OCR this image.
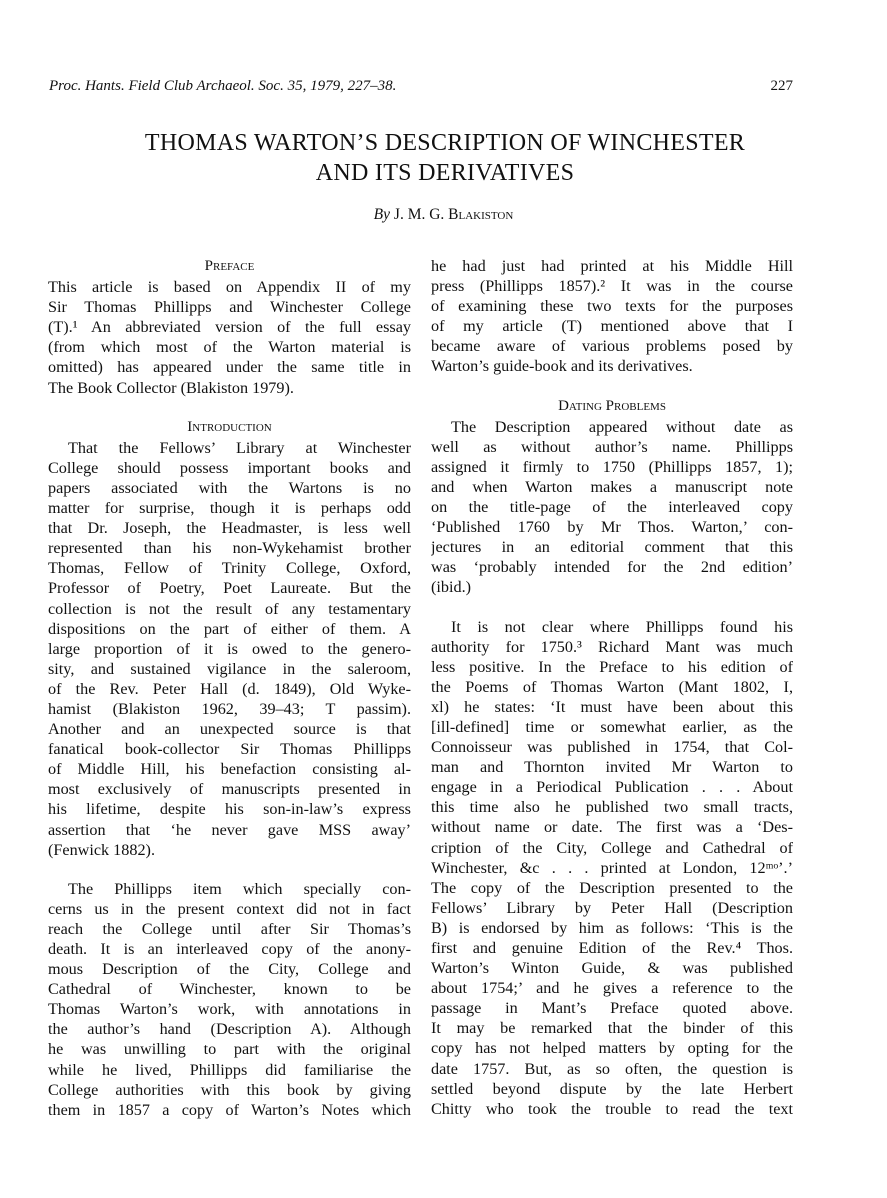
Proc. Hants. Field Club Archaeol. Soc. 35, 1979, 227–38.	227
THOMAS WARTON’S DESCRIPTION OF WINCHESTER
AND ITS DERIVATIVES
By J. M. G. Blakiston
Preface
This article is based on Appendix II of my
Sir Thomas Phillipps and Winchester College
(T).¹ An abbreviated version of the full essay
(from which most of the Warton material is
omitted) has appeared under the same title in
The Book Collector (Blakiston 1979).
Introduction
That the Fellows’ Library at Winchester
College should possess important books and
papers associated with the Wartons is no
matter for surprise, though it is perhaps odd
that Dr. Joseph, the Headmaster, is less well
represented than his non-Wykehamist brother
Thomas, Fellow of Trinity College, Oxford,
Professor of Poetry, Poet Laureate. But the
collection is not the result of any testamentary
dispositions on the part of either of them. A
large proportion of it is owed to the genero-
sity, and sustained vigilance in the saleroom,
of the Rev. Peter Hall (d. 1849), Old Wyke-
hamist (Blakiston 1962, 39–43; T passim).
Another and an unexpected source is that
fanatical book-collector Sir Thomas Phillipps
of Middle Hill, his benefaction consisting al-
most exclusively of manuscripts presented in
his lifetime, despite his son-in-law’s express
assertion that ‘he never gave MSS away’
(Fenwick 1882).
The Phillipps item which specially con-
cerns us in the present context did not in fact
reach the College until after Sir Thomas’s
death. It is an interleaved copy of the anony-
mous Description of the City, College and
Cathedral of Winchester, known to be
Thomas Warton’s work, with annotations in
the author’s hand (Description A). Although
he was unwilling to part with the original
while he lived, Phillipps did familiarise the
College authorities with this book by giving
them in 1857 a copy of Warton’s Notes which
he had just had printed at his Middle Hill
press (Phillipps 1857).² It was in the course
of examining these two texts for the purposes
of my article (T) mentioned above that I
became aware of various problems posed by
Warton’s guide-book and its derivatives.
Dating Problems
The Description appeared without date as
well as without author’s name. Phillipps
assigned it firmly to 1750 (Phillipps 1857, 1);
and when Warton makes a manuscript note
on the title-page of the interleaved copy
‘Published 1760 by Mr Thos. Warton,’ con-
jectures in an editorial comment that this
was ‘probably intended for the 2nd edition’
(ibid.)
It is not clear where Phillipps found his
authority for 1750.³ Richard Mant was much
less positive. In the Preface to his edition of
the Poems of Thomas Warton (Mant 1802, I,
xl) he states: ‘It must have been about this
[ill-defined] time or somewhat earlier, as the
Connoisseur was published in 1754, that Col-
man and Thornton invited Mr Warton to
engage in a Periodical Publication . . . About
this time also he published two small tracts,
without name or date. The first was a ‘Des-
cription of the City, College and Cathedral of
Winchester, &c . . . printed at London, 12ᵐᵒ’.’
The copy of the Description presented to the
Fellows’ Library by Peter Hall (Description
B) is endorsed by him as follows: ‘This is the
first and genuine Edition of the Rev.⁴ Thos.
Warton’s Winton Guide, & was published
about 1754;’ and he gives a reference to the
passage in Mant’s Preface quoted above.
It may be remarked that the binder of this
copy has not helped matters by opting for the
date 1757. But, as so often, the question is
settled beyond dispute by the late Herbert
Chitty who took the trouble to read the text
